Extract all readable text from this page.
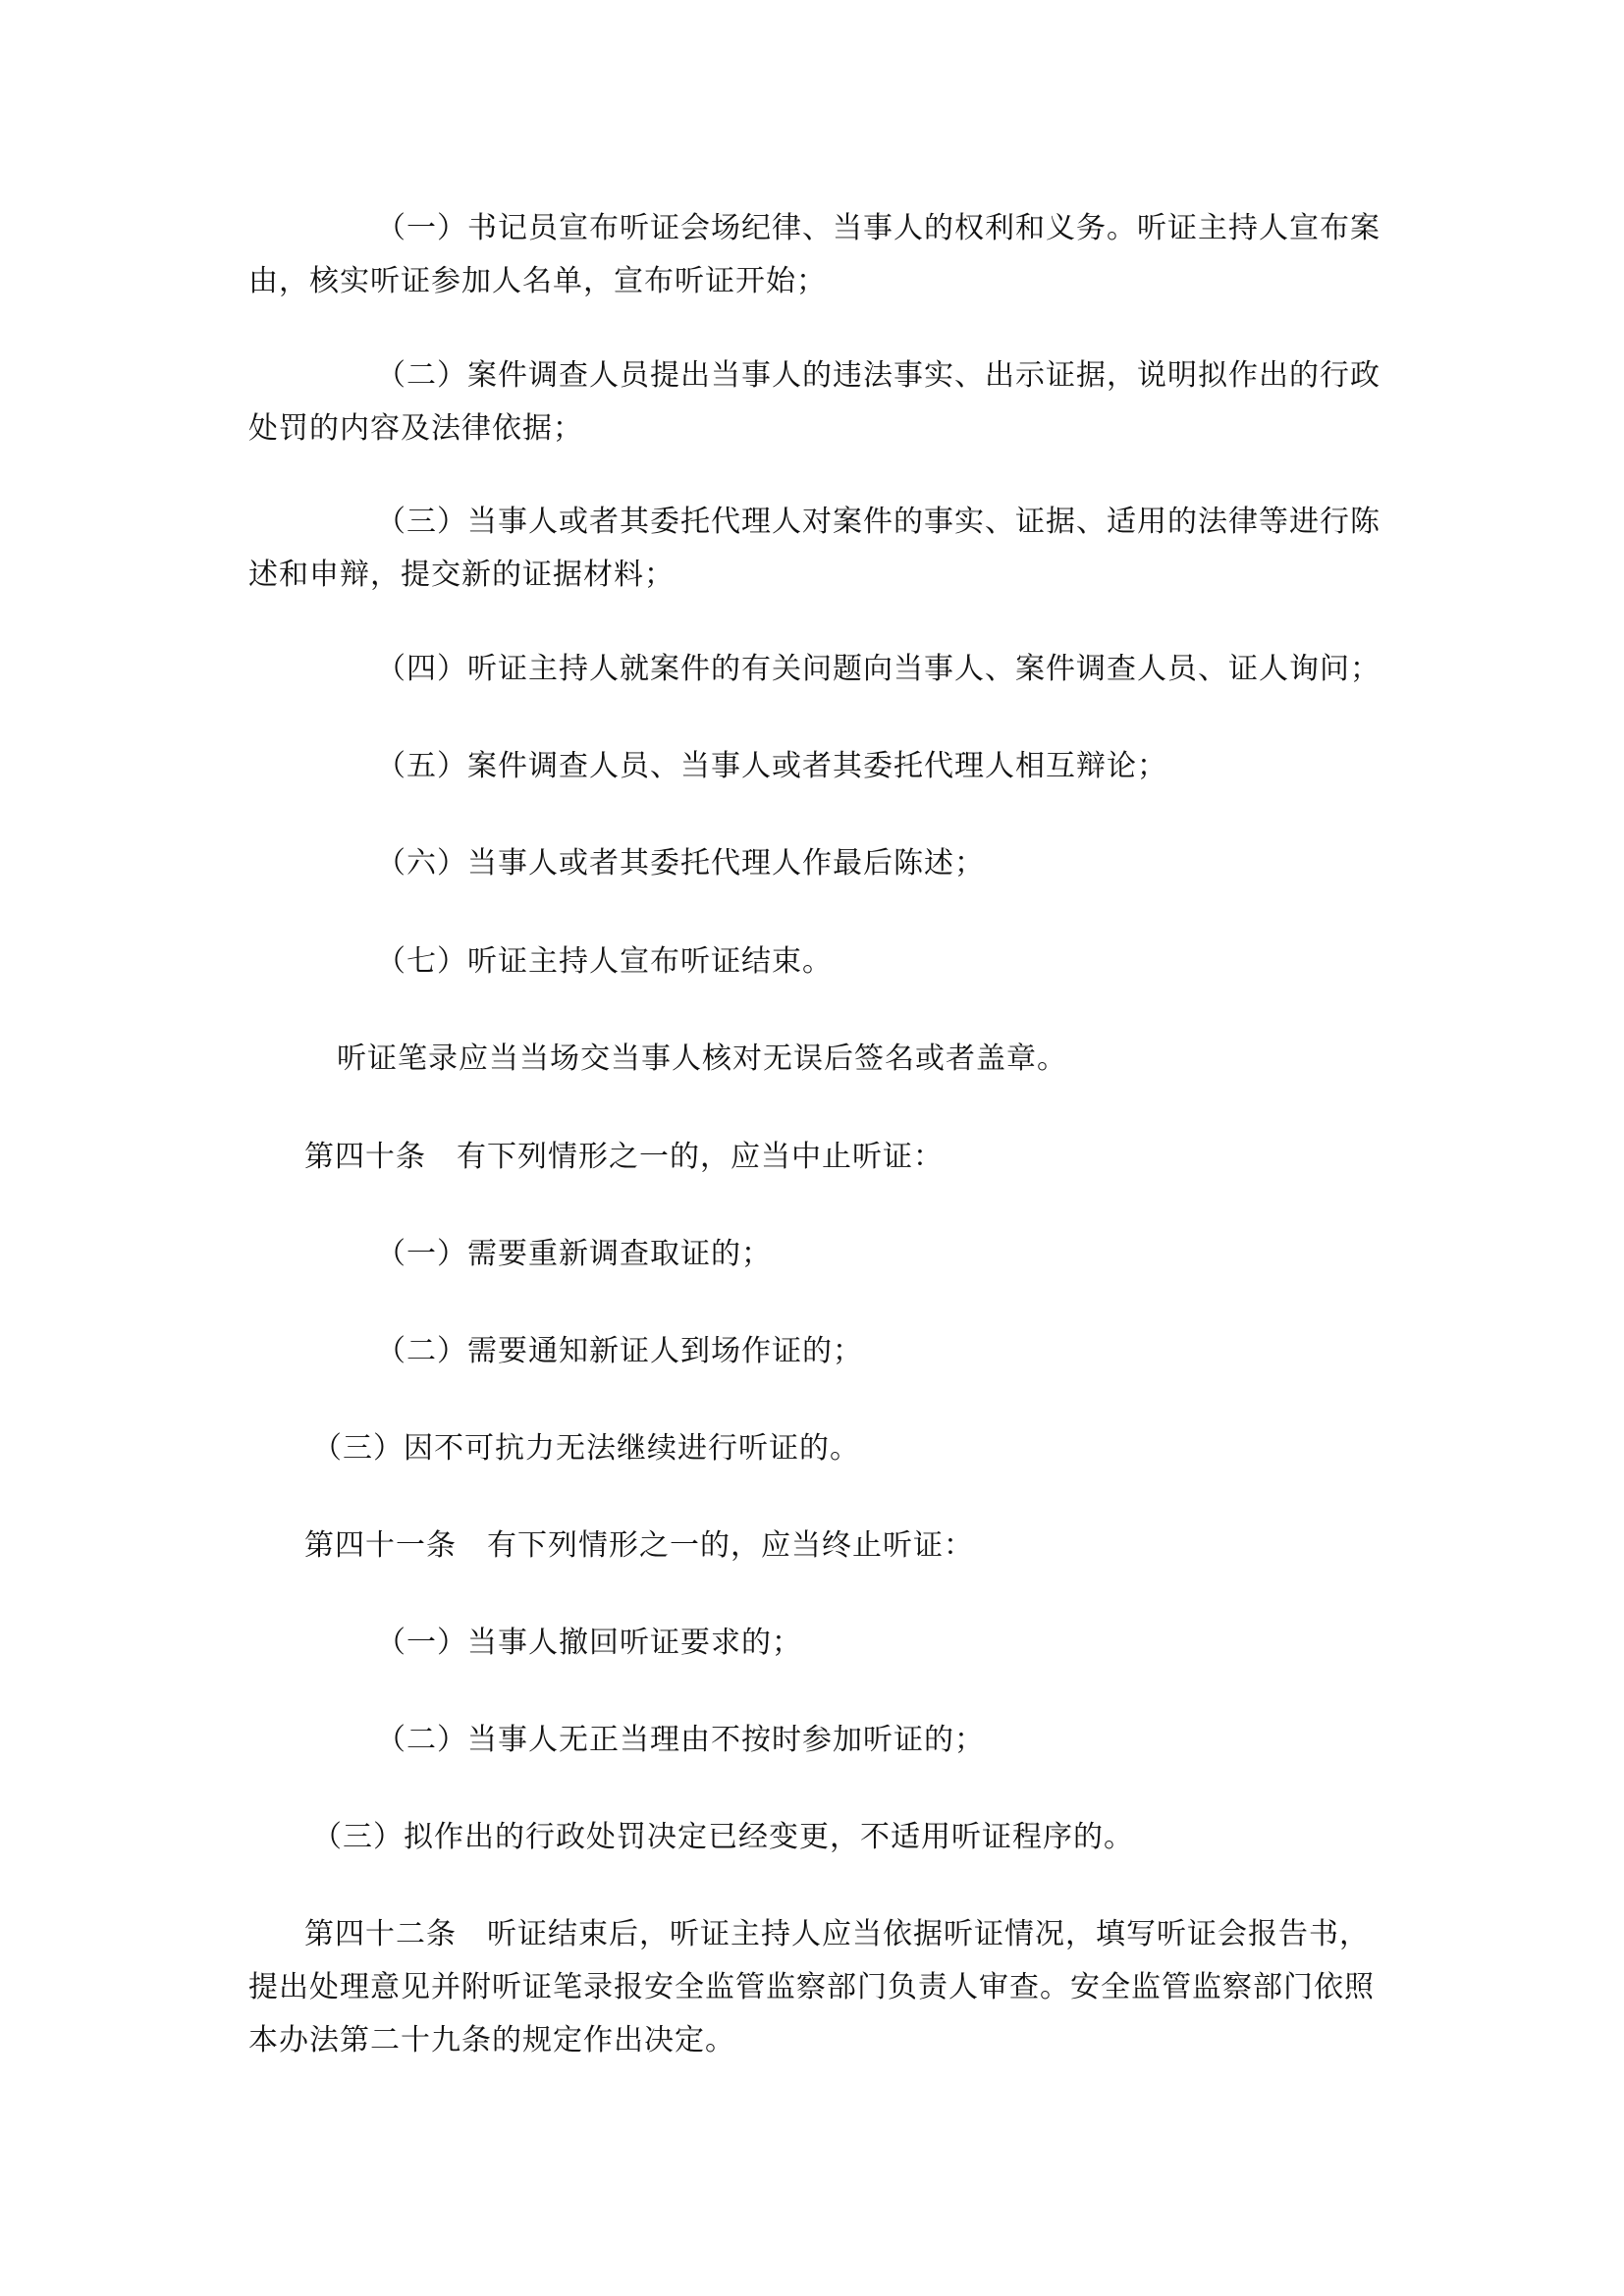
（一）书记员宣布听证会场纪律、当事人的权利和义务。听证主持人宣布案由，核实听证参加人名单，宣布听证开始；

（二）案件调查人员提出当事人的违法事实、出示证据，说明拟作出的行政处罚的内容及法律依据；

（三）当事人或者其委托代理人对案件的事实、证据、适用的法律等进行陈述和申辩，提交新的证据材料；

（四）听证主持人就案件的有关问题向当事人、案件调查人员、证人询问；

（五）案件调查人员、当事人或者其委托代理人相互辩论；

（六）当事人或者其委托代理人作最后陈述；

（七）听证主持人宣布听证结束。

听证笔录应当当场交当事人核对无误后签名或者盖章。

第四十条　有下列情形之一的，应当中止听证：

（一）需要重新调查取证的；

（二）需要通知新证人到场作证的；

（三）因不可抗力无法继续进行听证的。

第四十一条　有下列情形之一的，应当终止听证：

（一）当事人撤回听证要求的；

（二）当事人无正当理由不按时参加听证的；

（三）拟作出的行政处罚决定已经变更，不适用听证程序的。

第四十二条　听证结束后，听证主持人应当依据听证情况，填写听证会报告书，提出处理意见并附听证笔录报安全监管监察部门负责人审查。安全监管监察部门依照本办法第二十九条的规定作出决定。
